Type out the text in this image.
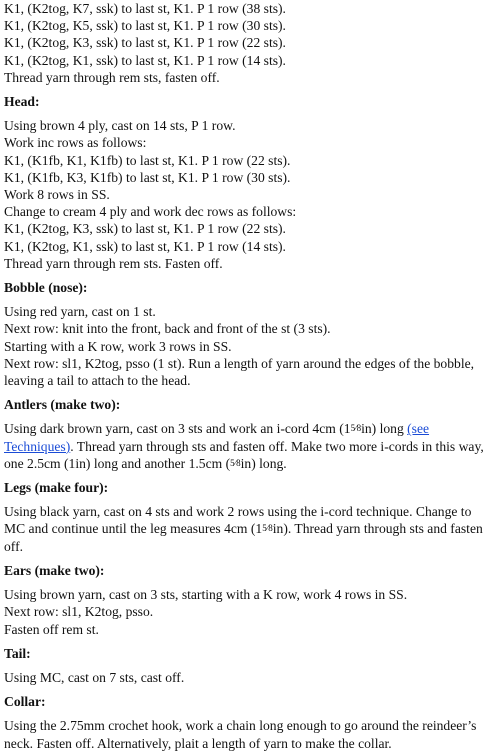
K1, (K2tog, K7, ssk) to last st, K1. P 1 row (38 sts).
K1, (K2tog, K5, ssk) to last st, K1. P 1 row (30 sts).
K1, (K2tog, K3, ssk) to last st, K1. P 1 row (22 sts).
K1, (K2tog, K1, ssk) to last st, K1. P 1 row (14 sts).
Thread yarn through rem sts, fasten off.
Head:
Using brown 4 ply, cast on 14 sts, P 1 row.
Work inc rows as follows:
K1, (K1fb, K1, K1fb) to last st, K1. P 1 row (22 sts).
K1, (K1fb, K3, K1fb) to last st, K1. P 1 row (30 sts).
Work 8 rows in SS.
Change to cream 4 ply and work dec rows as follows:
K1, (K2tog, K3, ssk) to last st, K1. P 1 row (22 sts).
K1, (K2tog, K1, ssk) to last st, K1. P 1 row (14 sts).
Thread yarn through rem sts. Fasten off.
Bobble (nose):
Using red yarn, cast on 1 st.
Next row: knit into the front, back and front of the st (3 sts).
Starting with a K row, work 3 rows in SS.

Next row: sl1, K2tog, psso (1 st). Run a length of yarn around the edges of the bobble, leaving a tail to attach to the head.

Antlers (make two):

Using dark brown yarn, cast on 3 sts and work an i-cord 4cm (15⁄8in) long (see Techniques). Thread yarn through sts and fasten off. Make two more i-cords in this way, one 2.5cm (1in) long and another 1.5cm (5⁄8in) long.

Legs (make four):

Using black yarn, cast on 4 sts and work 2 rows using the i-cord technique. Change to MC and continue until the leg measures 4cm (15⁄8in). Thread yarn through sts and fasten off.

Ears (make two):
Using brown yarn, cast on 3 sts, starting with a K row, work 4 rows in SS.
Next row: sl1, K2tog, psso.
Fasten off rem st.
Tail:
Using MC, cast on 7 sts, cast off.
Collar:

Using the 2.75mm crochet hook, work a chain long enough to go around the reindeer’s neck. Fasten off. Alternatively, plait a length of yarn to make the collar.
